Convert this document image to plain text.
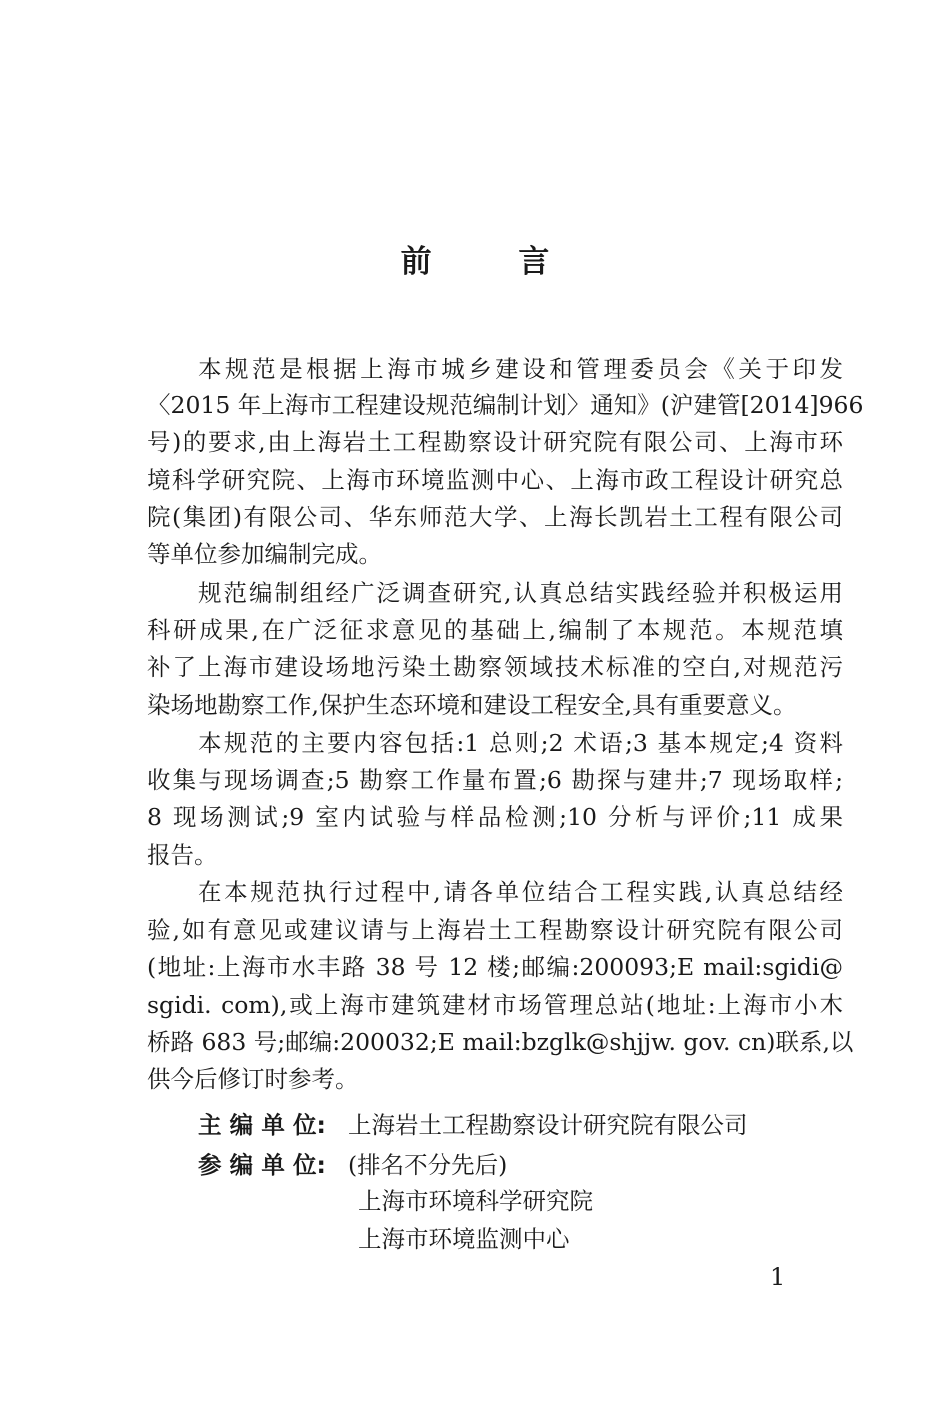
前 言
本规范是根据上海市城乡建设和管理委员会《关于印发
〈2015 年上海市工程建设规范编制计划〉通知》(沪建管[2014]966
号)的要求,由上海岩土工程勘察设计研究院有限公司、上海市环
境科学研究院、上海市环境监测中心、上海市政工程设计研究总
院(集团)有限公司、华东师范大学、上海长凯岩土工程有限公司
等单位参加编制完成。
规范编制组经广泛调查研究,认真总结实践经验并积极运用
科研成果,在广泛征求意见的基础上,编制了本规范。本规范填
补了上海市建设场地污染土勘察领域技术标准的空白,对规范污
染场地勘察工作,保护生态环境和建设工程安全,具有重要意义。
本规范的主要内容包括:1 总则;2 术语;3 基本规定;4 资料
收集与现场调查;5 勘察工作量布置;6 勘探与建井;7 现场取样;
8 现场测试;9 室内试验与样品检测;10 分析与评价;11 成果
报告。
在本规范执行过程中,请各单位结合工程实践,认真总结经
验,如有意见或建议请与上海岩土工程勘察设计研究院有限公司
(地址:上海市水丰路 38 号 12 楼;邮编:200093;E mail:sgidi@
sgidi. com),或上海市建筑建材市场管理总站(地址:上海市小木
桥路 683 号;邮编:200032;E mail:bzglk@shjjw. gov. cn)联系,以
供今后修订时参考。
主 编 单 位: 上海岩土工程勘察设计研究院有限公司
参 编 单 位: (排名不分先后)
上海市环境科学研究院
上海市环境监测中心
1
